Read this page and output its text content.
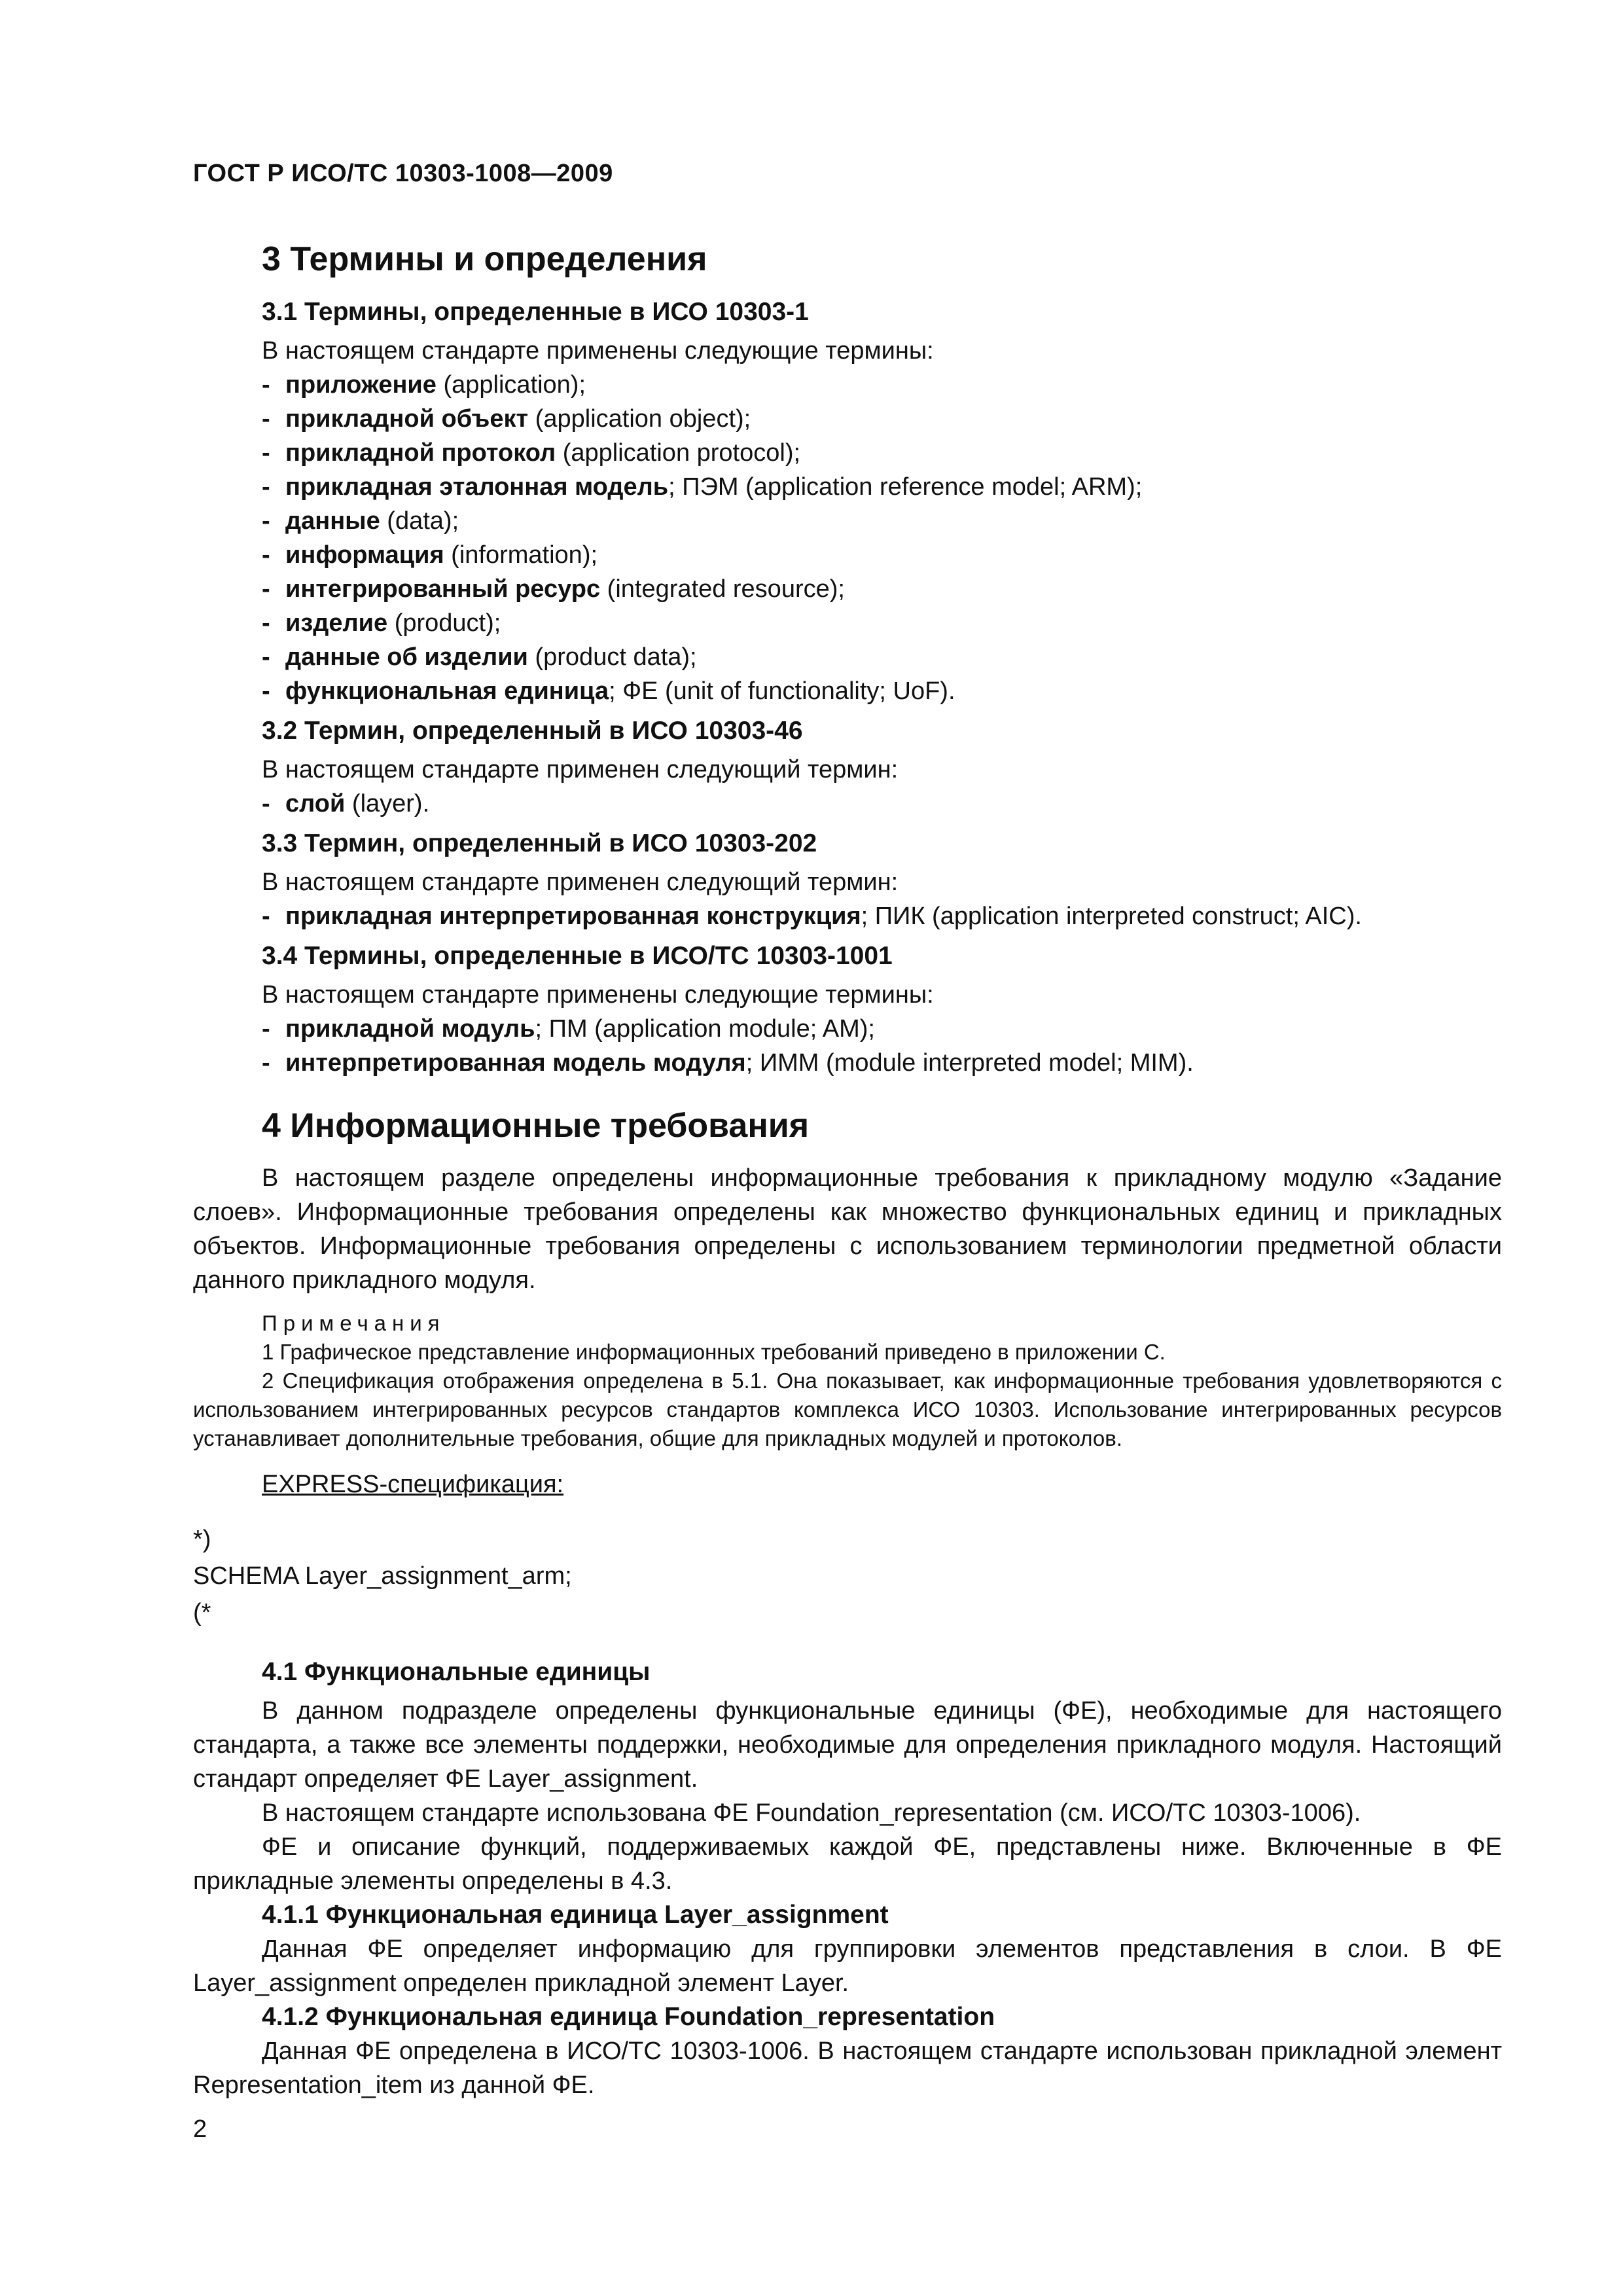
ГОСТ Р ИСО/ТС 10303-1008—2009
3 Термины и определения
3.1 Термины, определенные в ИСО 10303-1
В настоящем стандарте применены следующие термины:
- приложение (application);
- прикладной объект (application object);
- прикладной протокол (application protocol);
- прикладная эталонная модель; ПЭМ (application reference model; ARM);
- данные (data);
- информация (information);
- интегрированный ресурс (integrated resource);
- изделие (product);
- данные об изделии (product data);
- функциональная единица; ФЕ (unit of functionality; UoF).
3.2 Термин, определенный в ИСО 10303-46
В настоящем стандарте применен следующий термин:
- слой (layer).
3.3 Термин, определенный в ИСО 10303-202
В настоящем стандарте применен следующий термин:
- прикладная интерпретированная конструкция; ПИК (application interpreted construct; AIC).
3.4 Термины, определенные в ИСО/ТС 10303-1001
В настоящем стандарте применены следующие термины:
- прикладной модуль; ПМ (application module; AM);
- интерпретированная модель модуля; ИММ (module interpreted model; MIM).
4 Информационные требования

В настоящем разделе определены информационные требования к прикладному модулю «Задание слоев». Информационные требования определены как множество функциональных единиц и прикладных объектов. Информационные требования определены с использованием терминологии предметной области данного прикладного модуля.

Примечания

1 Графическое представление информационных требований приведено в приложении С.

2 Спецификация отображения определена в 5.1. Она показывает, как информационные требования удовлетворяются с использованием интегрированных ресурсов стандартов комплекса ИСО 10303. Использование интегрированных ресурсов устанавливает дополнительные требования, общие для прикладных модулей и протоколов.

EXPRESS-спецификация:
*)
SCHEMA Layer_assignment_arm;
(*
4.1 Функциональные единицы

В данном подразделе определены функциональные единицы (ФЕ), необходимые для настоящего стандарта, а также все элементы поддержки, необходимые для определения прикладного модуля. Настоящий стандарт определяет ФЕ Layer_assignment.

В настоящем стандарте использована ФЕ Foundation_representation (см. ИСО/ТС 10303-1006).

ФЕ и описание функций, поддерживаемых каждой ФЕ, представлены ниже. Включенные в ФЕ прикладные элементы определены в 4.3.

4.1.1 Функциональная единица Layer_assignment

Данная ФЕ определяет информацию для группировки элементов представления в слои. В ФЕ Layer_assignment определен прикладной элемент Layer.

4.1.2 Функциональная единица Foundation_representation

Данная ФЕ определена в ИСО/ТС 10303-1006. В настоящем стандарте использован прикладной элемент Representation_item из данной ФЕ.

2
